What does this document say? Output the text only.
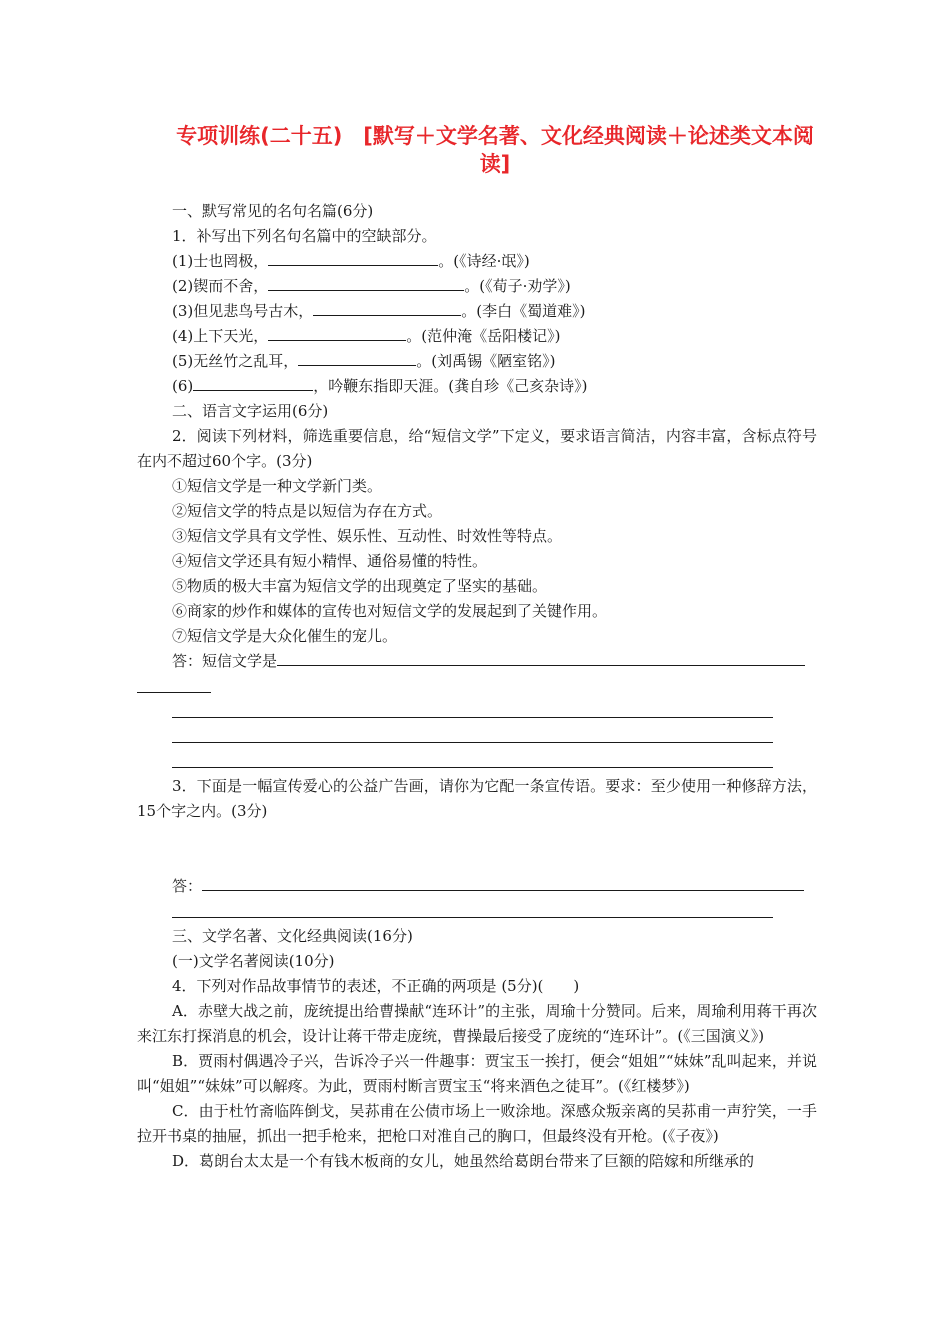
专项训练(二十五)　[默写＋文学名著、文化经典阅读＋论述类文本阅读]

一、默写常见的名句名篇(6分)

1．补写出下列名句名篇中的空缺部分。

(1)士也罔极，	。(《诗经·氓》)

(2)锲而不舍，	。(《荀子·劝学》)

(3)但见悲鸟号古木，	。(李白《蜀道难》)

(4)上下天光，	。(范仲淹《岳阳楼记》)

(5)无丝竹之乱耳，	。(刘禹锡《陋室铭》)

(6)	，吟鞭东指即天涯。(龚自珍《己亥杂诗》)

二、语言文字运用(6分)

2．阅读下列材料，筛选重要信息，给“短信文学”下定义，要求语言简洁，内容丰富，含标点符号在内不超过60个字。(3分)

①短信文学是一种文学新门类。

②短信文学的特点是以短信为存在方式。

③短信文学具有文学性、娱乐性、互动性、时效性等特点。

④短信文学还具有短小精悍、通俗易懂的特性。

⑤物质的极大丰富为短信文学的出现奠定了坚实的基础。

⑥商家的炒作和媒体的宣传也对短信文学的发展起到了关键作用。

⑦短信文学是大众化催生的宠儿。

答：短信文学是

3．下面是一幅宣传爱心的公益广告画，请你为它配一条宣传语。要求：至少使用一种修辞方法，15个字之内。(3分)

答：

三、文学名著、文化经典阅读(16分)

(一)文学名著阅读(10分)

4．下列对作品故事情节的表述，不正确的两项是 (5分)(　　)

A．赤壁大战之前，庞统提出给曹操献“连环计”的主张，周瑜十分赞同。后来，周瑜利用蒋干再次来江东打探消息的机会，设计让蒋干带走庞统，曹操最后接受了庞统的“连环计”。(《三国演义》)

B．贾雨村偶遇冷子兴，告诉冷子兴一件趣事：贾宝玉一挨打，便会“姐姐”“妹妹”乱叫起来，并说叫“姐姐”“妹妹”可以解疼。为此，贾雨村断言贾宝玉“将来酒色之徒耳”。(《红楼梦》)

C．由于杜竹斋临阵倒戈，吴荪甫在公债市场上一败涂地。深感众叛亲离的吴荪甫一声狞笑，一手拉开书桌的抽屉，抓出一把手枪来，把枪口对准自己的胸口，但最终没有开枪。(《子夜》)

D．葛朗台太太是一个有钱木板商的女儿，她虽然给葛朗台带来了巨额的陪嫁和所继承的
